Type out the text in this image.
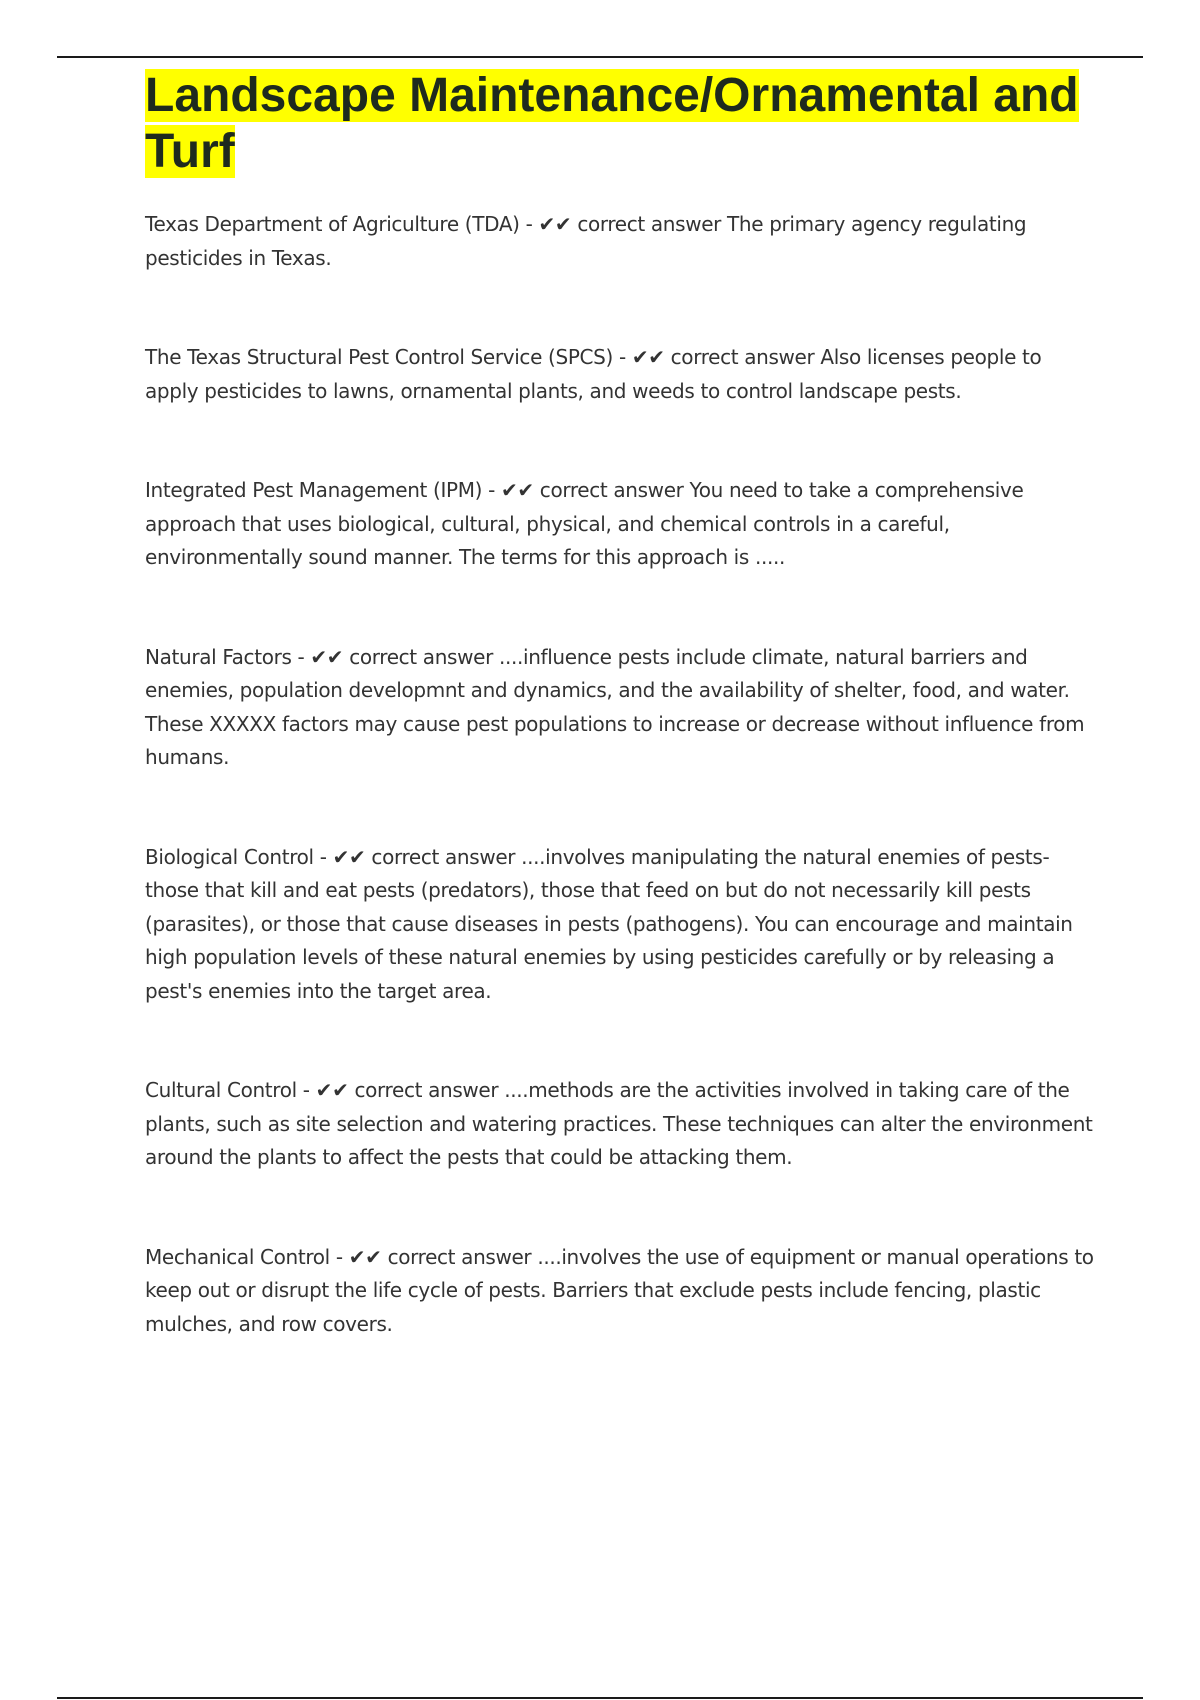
Landscape Maintenance/Ornamental and Turf

Texas Department of Agriculture (TDA) - ✔✔ correct answer The primary agency regulating pesticides in Texas.

The Texas Structural Pest Control Service (SPCS) - ✔✔ correct answer Also licenses people to apply pesticides to lawns, ornamental plants, and weeds to control landscape pests.

Integrated Pest Management (IPM) - ✔✔ correct answer You need to take a comprehensive approach that uses biological, cultural, physical, and chemical controls in a careful, environmentally sound manner. The terms for this approach is .....

Natural Factors - ✔✔ correct answer ....influence pests include climate, natural barriers and enemies, population developmnt and dynamics, and the availability of shelter, food, and water. These XXXXX factors may cause pest populations to increase or decrease without influence from humans.

Biological Control - ✔✔ correct answer ....involves manipulating the natural enemies of pests- those that kill and eat pests (predators), those that feed on but do not necessarily kill pests (parasites), or those that cause diseases in pests (pathogens). You can encourage and maintain high population levels of these natural enemies by using pesticides carefully or by releasing a pest's enemies into the target area.

Cultural Control - ✔✔ correct answer ....methods are the activities involved in taking care of the plants, such as site selection and watering practices. These techniques can alter the environment around the plants to affect the pests that could be attacking them.

Mechanical Control - ✔✔ correct answer ....involves the use of equipment or manual operations to keep out or disrupt the life cycle of pests. Barriers that exclude pests include fencing, plastic mulches, and row covers.
